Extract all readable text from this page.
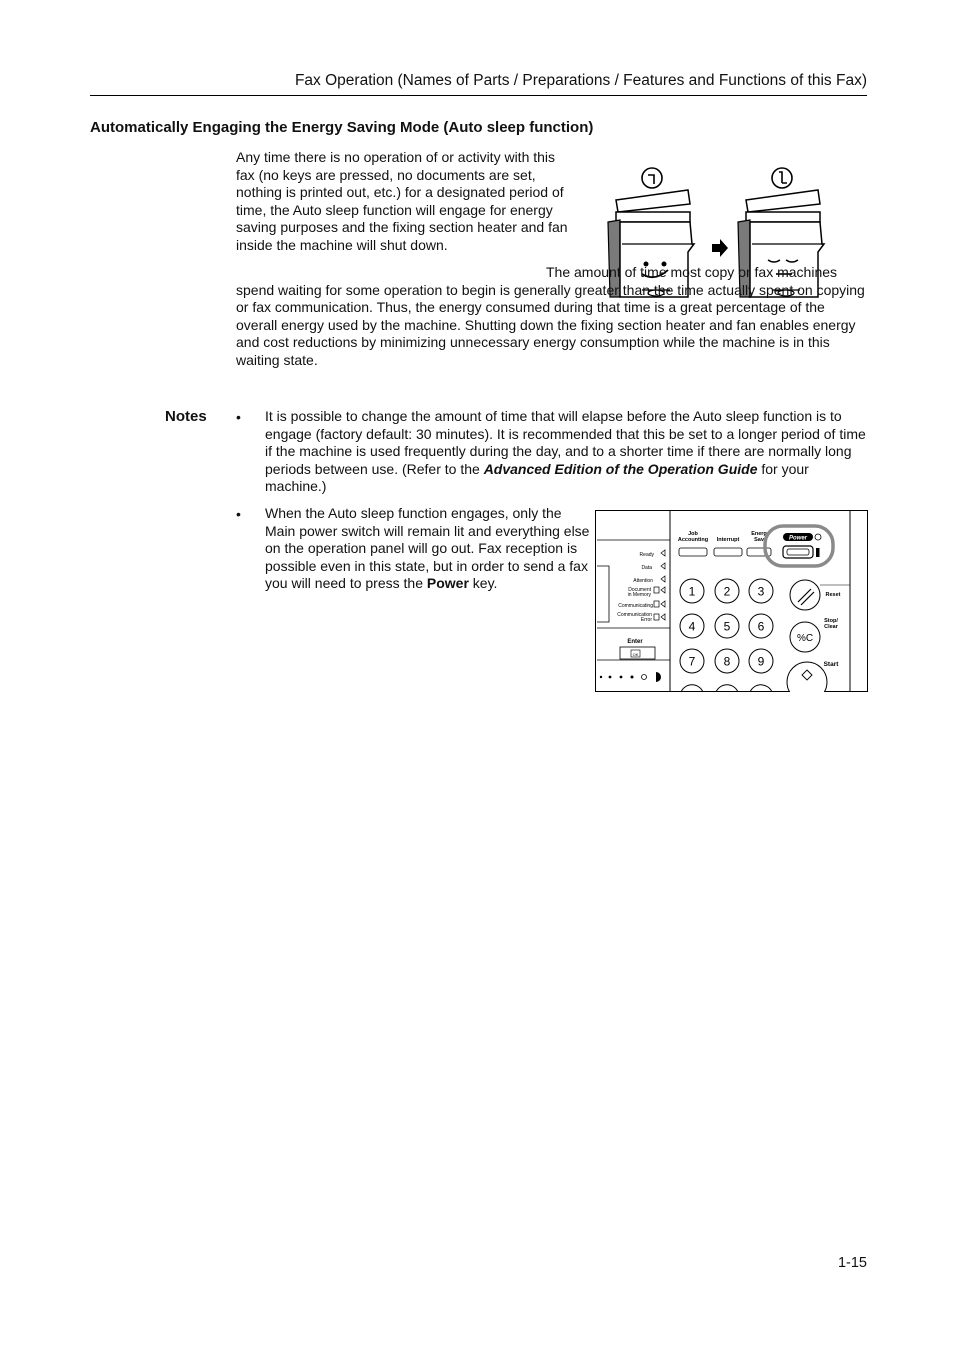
Fax Operation (Names of Parts / Preparations / Features and Functions of this Fax)
Automatically Engaging the Energy Saving Mode (Auto sleep function)
Any time there is no operation of or activity with this fax (no keys are pressed, no documents are set, nothing is printed out, etc.) for a designated period of time, the Auto sleep function will engage for energy saving purposes and the fixing section heater and fan inside the machine will shut down.
The amount of time most copy or fax machines spend waiting for some operation to begin is generally greater than the time actually spent on copying or fax communication. Thus, the energy consumed during that time is a great percentage of the overall energy used by the machine. Shutting down the fixing section heater and fan enables energy and cost reductions by minimizing unnecessary energy consumption while the machine is in this waiting state.
Notes • It is possible to change the amount of time that will elapse before the Auto sleep function is to engage (factory default: 30 minutes). It is recommended that this be set to a longer period of time if the machine is used frequently during the day, and to a shorter time if there are normally long periods between use. (Refer to the Advanced Edition of the Operation Guide for your machine.)
• When the Auto sleep function engages, only the Main power switch will remain lit and everything else on the operation panel will go out. Fax reception is possible even in this state, but in order to send a fax you will need to press the Power key.
Ready
Data
Attention
Document
in Memory
Communicating
Communication
Error
Enter
OK
Job
Accounting Interrupt
Energ
Sav	Power
1 2 3
4 5 6
7 8 9
Reset
%C
Stop/
Clear
Start
1-15
